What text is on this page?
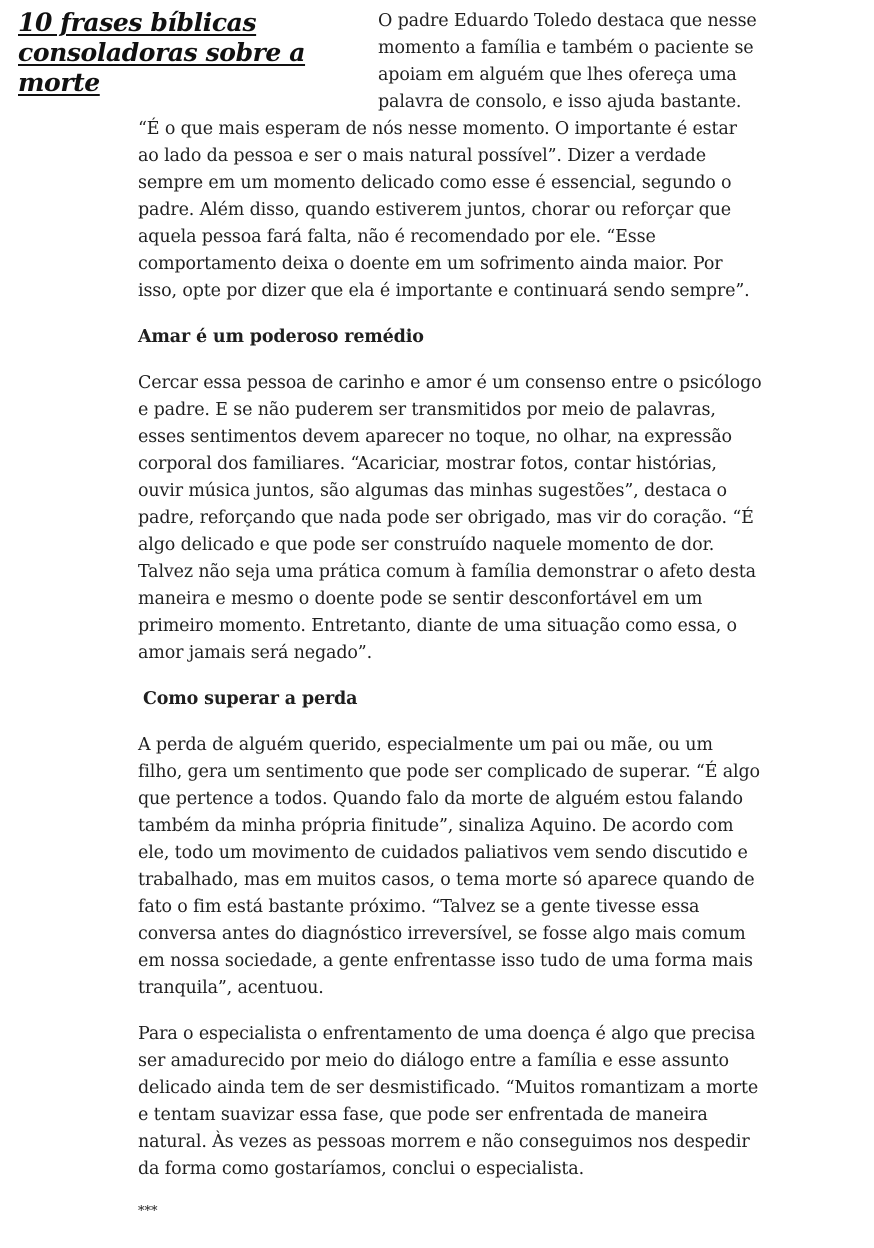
10 frases bíblicas consoladoras sobre a morte

O padre Eduardo Toledo destaca que nesse momento a família e também o paciente se apoiam em alguém que lhes ofereça uma palavra de consolo, e isso ajuda bastante. “É o que mais esperam de nós nesse momento. O importante é estar ao lado da pessoa e ser o mais natural possível”. Dizer a verdade sempre em um momento delicado como esse é essencial, segundo o padre. Além disso, quando estiverem juntos, chorar ou reforçar que aquela pessoa fará falta, não é recomendado por ele. “Esse comportamento deixa o doente em um sofrimento ainda maior. Por isso, opte por dizer que ela é importante e continuará sendo sempre”.

Amar é um poderoso remédio

Cercar essa pessoa de carinho e amor é um consenso entre o psicólogo e padre. E se não puderem ser transmitidos por meio de palavras, esses sentimentos devem aparecer no toque, no olhar, na expressão corporal dos familiares. “Acariciar, mostrar fotos, contar histórias, ouvir música juntos, são algumas das minhas sugestões”, destaca o padre, reforçando que nada pode ser obrigado, mas vir do coração. “É algo delicado e que pode ser construído naquele momento de dor. Talvez não seja uma prática comum à família demonstrar o afeto desta maneira e mesmo o doente pode se sentir desconfortável em um primeiro momento. Entretanto, diante de uma situação como essa, o amor jamais será negado”.

Como superar a perda

A perda de alguém querido, especialmente um pai ou mãe, ou um filho, gera um sentimento que pode ser complicado de superar. “É algo que pertence a todos. Quando falo da morte de alguém estou falando também da minha própria finitude”, sinaliza Aquino. De acordo com ele, todo um movimento de cuidados paliativos vem sendo discutido e trabalhado, mas em muitos casos, o tema morte só aparece quando de fato o fim está bastante próximo. “Talvez se a gente tivesse essa conversa antes do diagnóstico irreversível, se fosse algo mais comum em nossa sociedade, a gente enfrentasse isso tudo de uma forma mais tranquila”, acentuou.

Para o especialista o enfrentamento de uma doença é algo que precisa ser amadurecido por meio do diálogo entre a família e esse assunto delicado ainda tem de ser desmistificado. “Muitos romantizam a morte e tentam suavizar essa fase, que pode ser enfrentada de maneira natural. Às vezes as pessoas morrem e não conseguimos nos despedir da forma como gostaríamos, conclui o especialista.

***
